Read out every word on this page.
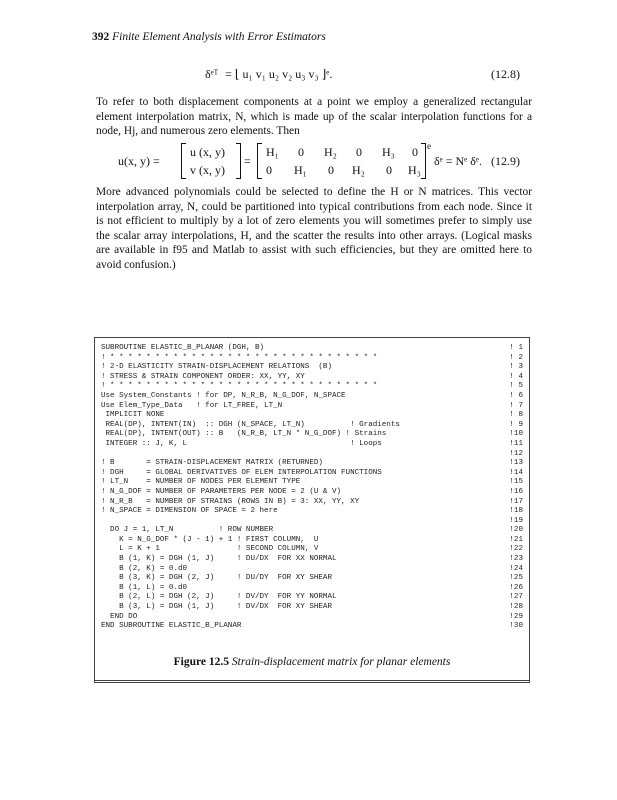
392 Finite Element Analysis with Error Estimators
δᵉᵀ = ⌊ u₁ v₁ u₂ v₂ u₃ v₃ ⌋ᵉ.	(12.8)
To refer to both displacement components at a point we employ a generalized rectangular element interpolation matrix, N, which is made up of the scalar interpolation functions for a node, Hj, and numerous zero elements. Then
u(x, y) =
u (x, y)
v (x, y)
=
H₁ 0 H₂ 0 H₃ 0
0 H₁ 0 H₂ 0 H₃
e
δᵉ = Nᵉ δᵉ. (12.9)
More advanced polynomials could be selected to define the H or N matrices. This vector interpolation array, N, could be partitioned into typical contributions from each node. Since it is not efficient to multiply by a lot of zero elements you will sometimes prefer to simply use the scalar array interpolations, H, and the scatter the results into other arrays. (Logical masks are available in f95 and Matlab to assist with such efficiencies, but they are omitted here to avoid confusion.)
SUBROUTINE ELASTIC_B_PLANAR (DGH, B)
! * * * * * * * * * * * * * * * * * * * * * * * * * * * * * *
! 2-D ELASTICITY STRAIN-DISPLACEMENT RELATIONS  (B)
! STRESS & STRAIN COMPONENT ORDER: XX, YY, XY
! * * * * * * * * * * * * * * * * * * * * * * * * * * * * * *
Use System_Constants ! for DP, N_R_B, N_G_DOF, N_SPACE
Use Elem_Type_Data   ! for LT_FREE, LT_N
IMPLICIT NONE
REAL(DP), INTENT(IN)  :: DGH (N_SPACE, LT_N)          ! Gradients
REAL(DP), INTENT(OUT) :: B   (N_R_B, LT_N * N_G_DOF) ! Strains
INTEGER :: J, K, L                                    ! Loops

! B       = STRAIN-DISPLACEMENT MATRIX (RETURNED)
! DGH     = GLOBAL DERIVATIVES OF ELEM INTERPOLATION FUNCTIONS
! LT_N    = NUMBER OF NODES PER ELEMENT TYPE
! N_G_DOF = NUMBER OF PARAMETERS PER NODE = 2 (U & V)
! N_R_B   = NUMBER OF STRAINS (ROWS IN B) = 3: XX, YY, XY
! N_SPACE = DIMENSION OF SPACE = 2 here

DO J = 1, LT_N          ! ROW NUMBER
K = N_G_DOF * (J - 1) + 1 ! FIRST COLUMN,  U
L = K + 1                 ! SECOND COLUMN, V
B (1, K) = DGH (1, J)     ! DU/DX  FOR XX NORMAL
B (2, K) = 0.d0
B (3, K) = DGH (2, J)     ! DU/DY  FOR XY SHEAR
B (1, L) = 0.d0
B (2, L) = DGH (2, J)     ! DV/DY  FOR YY NORMAL
B (3, L) = DGH (1, J)     ! DV/DX  FOR XY SHEAR
END DO
END SUBROUTINE ELASTIC_B_PLANAR

! 1
! 2
! 3
! 4
! 5
! 6
! 7
! 8
! 9
!10
!11
!12
!13
!14
!15
!16
!17
!18
!19
!20
!21
!22
!23
!24
!25
!26
!27
!28
!29
!30

Figure 12.5 Strain-displacement matrix for planar elements
